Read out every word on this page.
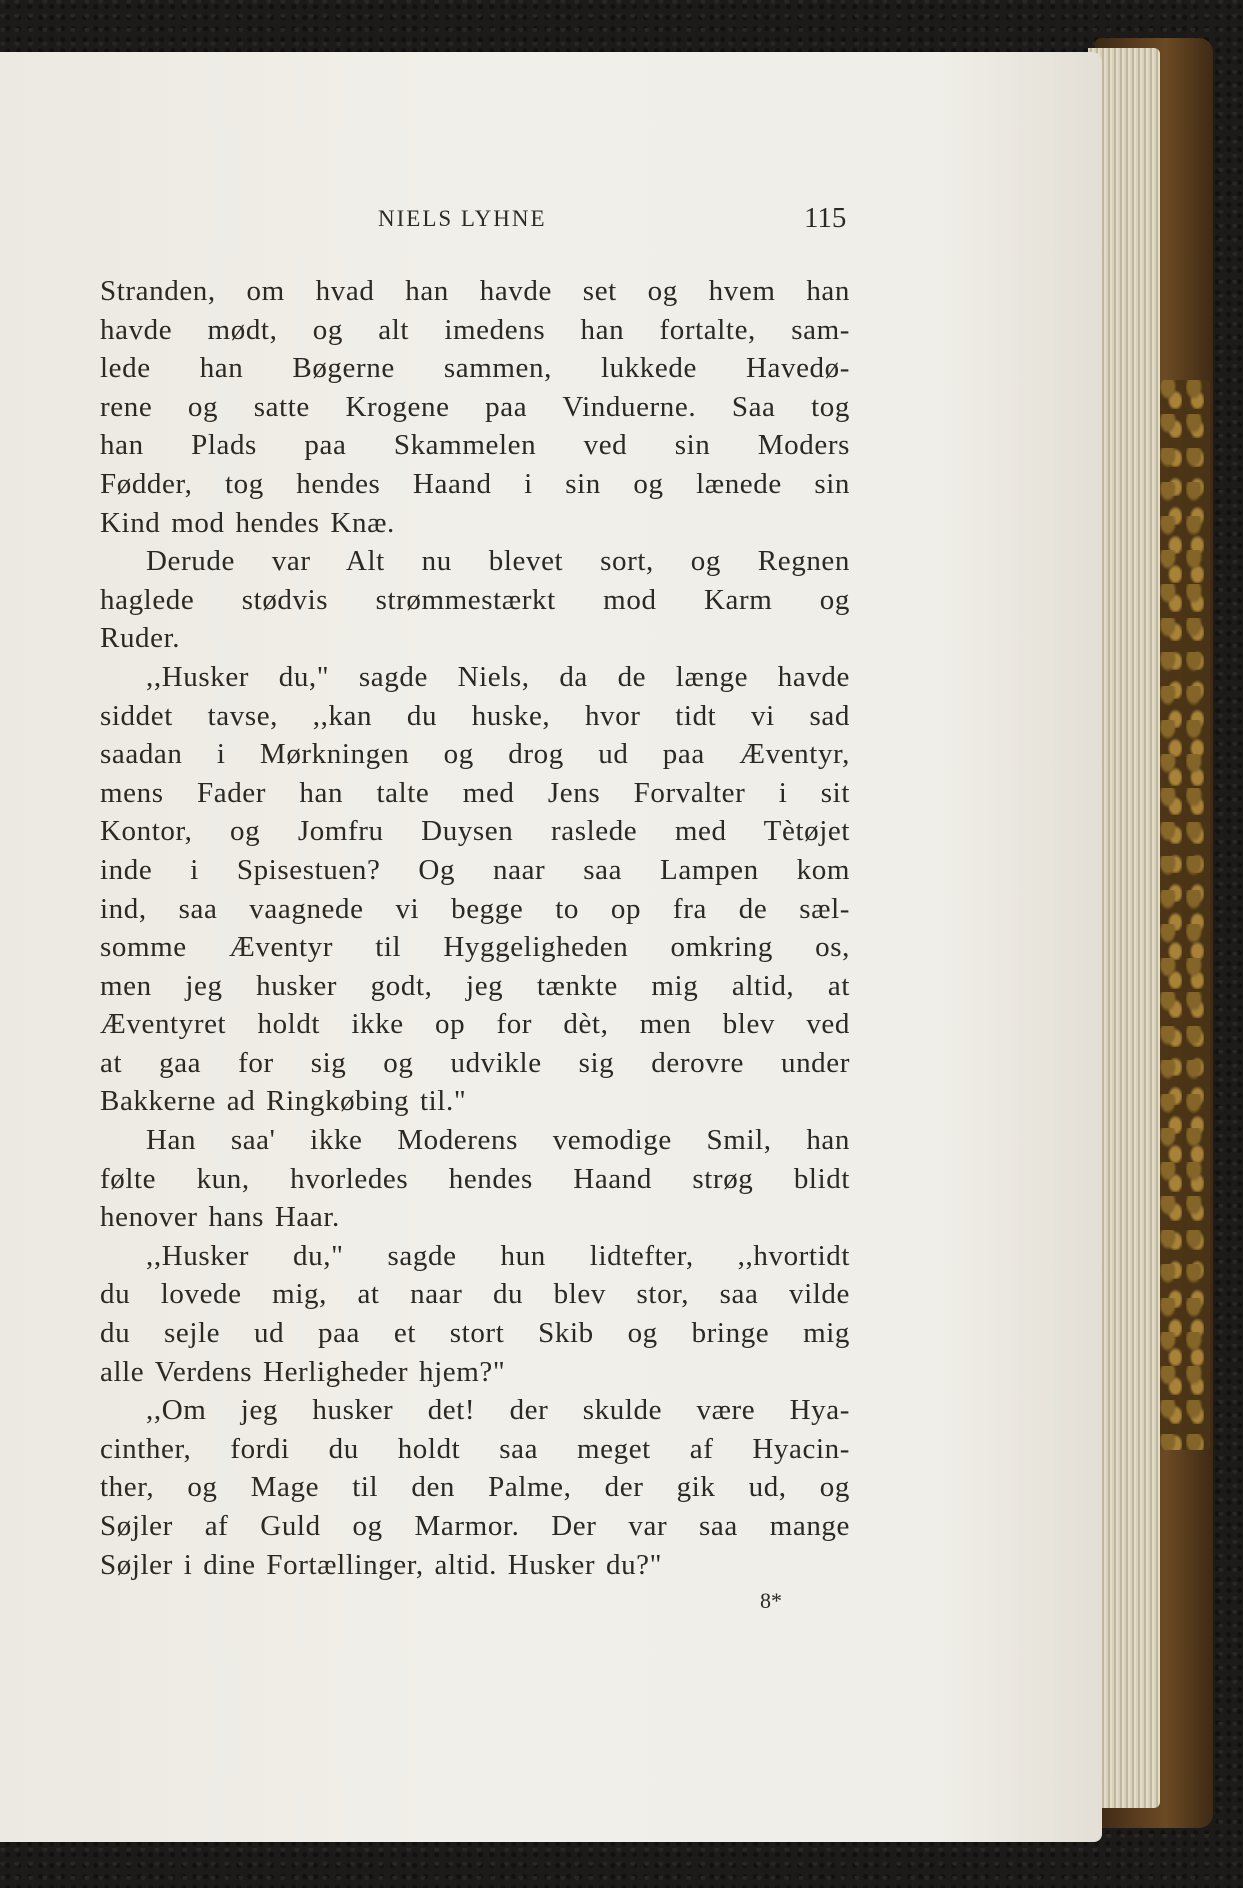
NIELS LYHNE	115
Stranden, om hvad han havde set og hvem han
havde mødt, og alt imedens han fortalte, sam-
lede han Bøgerne sammen, lukkede Havedø-
rene og satte Krogene paa Vinduerne. Saa tog
han Plads paa Skammelen ved sin Moders
Fødder, tog hendes Haand i sin og lænede sin
Kind mod hendes Knæ.
Derude var Alt nu blevet sort, og Regnen
haglede stødvis strømmestærkt mod Karm og
Ruder.
,,Husker du," sagde Niels, da de længe havde
siddet tavse, ,,kan du huske, hvor tidt vi sad
saadan i Mørkningen og drog ud paa Æventyr,
mens Fader han talte med Jens Forvalter i sit
Kontor, og Jomfru Duysen raslede med Tètøjet
inde i Spisestuen? Og naar saa Lampen kom
ind, saa vaagnede vi begge to op fra de sæl-
somme Æventyr til Hyggeligheden omkring os,
men jeg husker godt, jeg tænkte mig altid, at
Æventyret holdt ikke op for dèt, men blev ved
at gaa for sig og udvikle sig derovre under
Bakkerne ad Ringkøbing til."
Han saa' ikke Moderens vemodige Smil, han
følte kun, hvorledes hendes Haand strøg blidt
henover hans Haar.
,,Husker du," sagde hun lidtefter, ,,hvortidt
du lovede mig, at naar du blev stor, saa vilde
du sejle ud paa et stort Skib og bringe mig
alle Verdens Herligheder hjem?"
,,Om jeg husker det! der skulde være Hya-
cinther, fordi du holdt saa meget af Hyacin-
ther, og Mage til den Palme, der gik ud, og
Søjler af Guld og Marmor. Der var saa mange
Søjler i dine Fortællinger, altid. Husker du?"
8*
